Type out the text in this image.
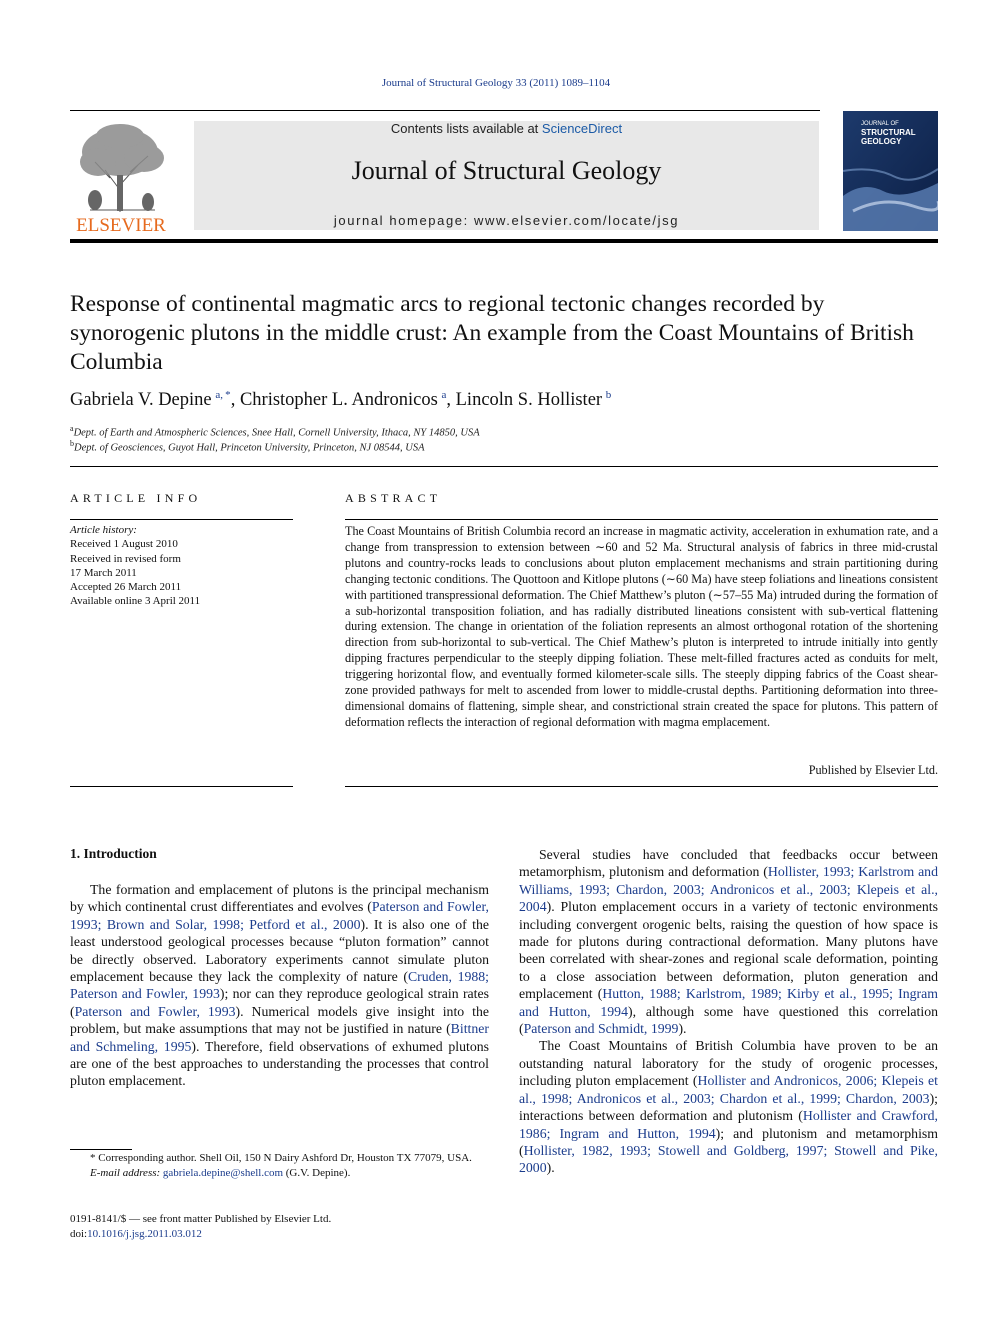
Journal of Structural Geology 33 (2011) 1089–1104
ELSEVIER
Contents lists available at ScienceDirect
Journal of Structural Geology
journal homepage: www.elsevier.com/locate/jsg
JOURNAL OF
STRUCTURAL
GEOLOGY
Response of continental magmatic arcs to regional tectonic changes recorded by synorogenic plutons in the middle crust: An example from the Coast Mountains of British Columbia
Gabriela V. Depine  $^{a, *}$, Christopher L. Andronicos  $^a$, Lincoln S. Hollister  $^b$
$^a$Dept. of Earth and Atmospheric Sciences, Snee Hall, Cornell University, Ithaca, NY 14850, USA
$^b$Dept. of Geosciences, Guyot Hall, Princeton University, Princeton, NJ 08544, USA
ARTICLE INFO
Article history:
Received 1 August 2010
Received in revised form
17 March 2011
Accepted 26 March 2011
Available online 3 April 2011
ABSTRACT
The Coast Mountains of British Columbia record an increase in magmatic activity, acceleration in exhumation rate, and a change from transpression to extension between ∼60 and 52 Ma. Structural analysis of fabrics in three mid-crustal plutons and country-rocks leads to conclusions about pluton emplacement mechanisms and strain partitioning during changing tectonic conditions. The Quottoon and Kitlope plutons (∼60 Ma) have steep foliations and lineations consistent with partitioned transpressional deformation. The Chief Matthew’s pluton (∼57–55 Ma) intruded during the formation of a sub-horizontal transposition foliation, and has radially distributed lineations consistent with sub-vertical flattening during extension. The change in orientation of the foliation represents an almost orthogonal rotation of the shortening direction from sub-horizontal to sub-vertical. The Chief Mathew’s pluton is interpreted to intrude initially into gently dipping fractures perpendicular to the steeply dipping foliation. These melt-filled fractures acted as conduits for melt, triggering horizontal flow, and eventually formed kilometer-scale sills. The steeply dipping fabrics of the Coast shear-zone provided pathways for melt to ascended from lower to middle-crustal depths. Partitioning deformation into three-dimensional domains of flattening, simple shear, and constrictional strain created the space for plutons. This pattern of deformation reflects the interaction of regional deformation with magma emplacement.
Published by Elsevier Ltd.
1. Introduction

The formation and emplacement of plutons is the principal mechanism by which continental crust differentiates and evolves (Paterson and Fowler, 1993; Brown and Solar, 1998; Petford et al., 2000). It is also one of the least understood geological processes because “pluton formation” cannot be directly observed. Laboratory experiments cannot simulate pluton emplacement because they lack the complexity of nature (Cruden, 1988; Paterson and Fowler, 1993); nor can they reproduce geological strain rates (Paterson and Fowler, 1993). Numerical models give insight into the problem, but make assumptions that may not be justified in nature (Bittner and Schmeling, 1995). Therefore, field observations of exhumed plutons are one of the best approaches to understanding the processes that control pluton emplacement.

Several studies have concluded that feedbacks occur between metamorphism, plutonism and deformation (Hollister, 1993; Karlstrom and Williams, 1993; Chardon, 2003; Andronicos et al., 2003; Klepeis et al., 2004). Pluton emplacement occurs in a variety of tectonic environments including convergent orogenic belts, raising the question of how space is made for plutons during contractional deformation. Many plutons have been correlated with shear-zones and regional scale deformation, pointing to a close association between deformation, pluton generation and emplacement (Hutton, 1988; Karlstrom, 1989; Kirby et al., 1995; Ingram and Hutton, 1994), although some have questioned this correlation (Paterson and Schmidt, 1999).

The Coast Mountains of British Columbia have proven to be an outstanding natural laboratory for the study of orogenic processes, including pluton emplacement (Hollister and Andronicos, 2006; Klepeis et al., 1998; Andronicos et al., 2003; Chardon et al., 1999; Chardon, 2003); interactions between deformation and plutonism (Hollister and Crawford, 1986; Ingram and Hutton, 1994); and plutonism and metamorphism (Hollister, 1982, 1993; Stowell and Goldberg, 1997; Stowell and Pike, 2000).

* Corresponding author. Shell Oil, 150 N Dairy Ashford Dr, Houston TX 77079, USA.

E-mail address: gabriela.depine@shell.com (G.V. Depine).

0191-8141/$ — see front matter Published by Elsevier Ltd.

doi:10.1016/j.jsg.2011.03.012
